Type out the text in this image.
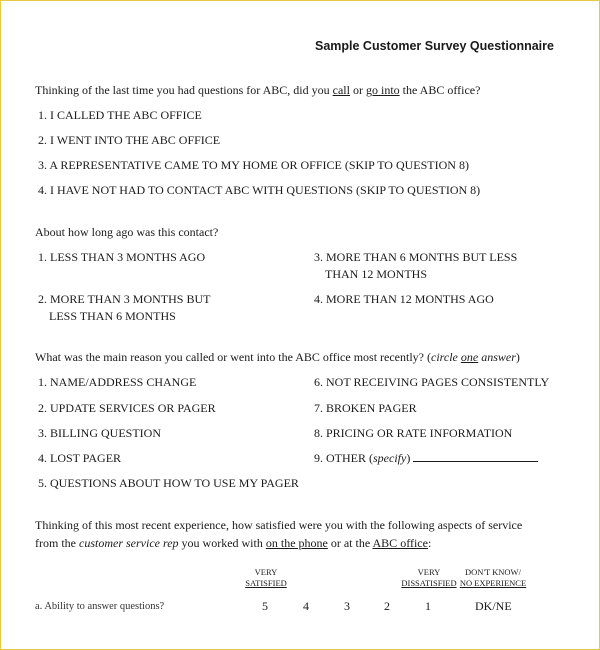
Sample Customer Survey Questionnaire
Thinking of the last time you had questions for ABC, did you call or go into the ABC office?
1. I CALLED THE ABC OFFICE
2. I WENT INTO THE ABC OFFICE
3. A REPRESENTATIVE CAME TO MY HOME OR OFFICE (SKIP TO QUESTION 8)
4. I HAVE NOT HAD TO CONTACT ABC WITH QUESTIONS (SKIP TO QUESTION 8)
About how long ago was this contact?
1. LESS THAN 3 MONTHS AGO
2. MORE THAN 3 MONTHS BUT
LESS THAN 6 MONTHS
3. MORE THAN 6 MONTHS BUT LESS
THAN 12 MONTHS
4. MORE THAN 12 MONTHS AGO
What was the main reason you called or went into the ABC office most recently? (circle one answer)
1. NAME/ADDRESS CHANGE
2. UPDATE SERVICES OR PAGER
3. BILLING QUESTION
4. LOST PAGER
5. QUESTIONS ABOUT HOW TO USE MY PAGER
6. NOT RECEIVING PAGES CONSISTENTLY
7. BROKEN PAGER
8. PRICING OR RATE INFORMATION
9. OTHER (specify)
Thinking of this most recent experience, how satisfied were you with the following aspects of service
from the customer service rep you worked with on the phone or at the ABC office:
VERY
SATISFIED
VERY
DISSATISFIED
DON'T KNOW/
NO EXPERIENCE
a. Ability to answer questions?	5	4	3	2	1	DK/NE
